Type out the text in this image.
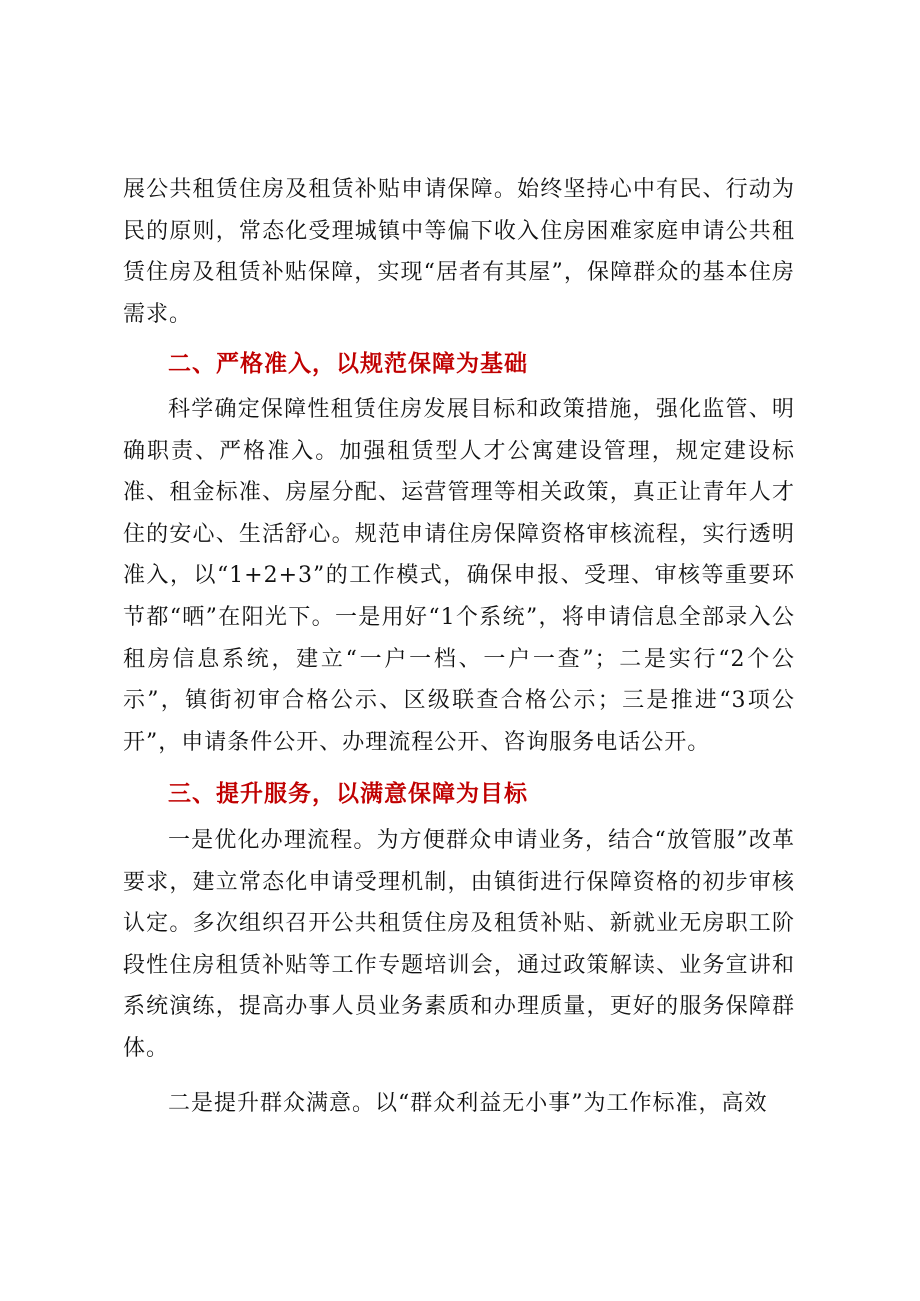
展公共租赁住房及租赁补贴申请保障。始终坚持心中有民、行动为民的原则，常态化受理城镇中等偏下收入住房困难家庭申请公共租赁住房及租赁补贴保障，实现“居者有其屋”，保障群众的基本住房需求。

二、严格准入，以规范保障为基础

科学确定保障性租赁住房发展目标和政策措施，强化监管、明确职责、严格准入。加强租赁型人才公寓建设管理，规定建设标准、租金标准、房屋分配、运营管理等相关政策，真正让青年人才住的安心、生活舒心。规范申请住房保障资格审核流程，实行透明准入，以“1+2+3”的工作模式，确保申报、受理、审核等重要环节都“晒”在阳光下。一是用好“1个系统”，将申请信息全部录入公租房信息系统，建立“一户一档、一户一查”；二是实行“2个公示”，镇街初审合格公示、区级联查合格公示；三是推进“3项公开”，申请条件公开、办理流程公开、咨询服务电话公开。

三、提升服务，以满意保障为目标

一是优化办理流程。为方便群众申请业务，结合“放管服”改革要求，建立常态化申请受理机制，由镇街进行保障资格的初步审核认定。多次组织召开公共租赁住房及租赁补贴、新就业无房职工阶段性住房租赁补贴等工作专题培训会，通过政策解读、业务宣讲和系统演练，提高办事人员业务素质和办理质量，更好的服务保障群体。

二是提升群众满意。以“群众利益无小事”为工作标准，高效
